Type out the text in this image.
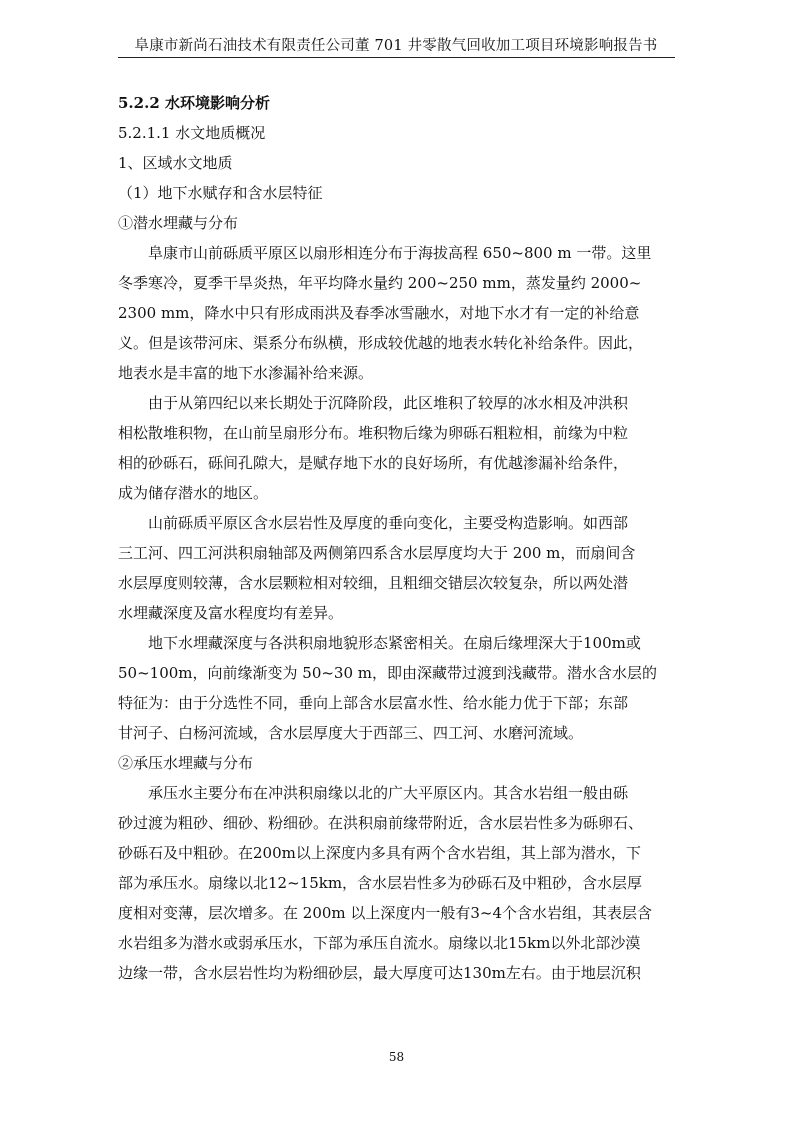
阜康市新尚石油技术有限责任公司董 701 井零散气回收加工项目环境影响报告书
5.2.2 水环境影响分析
5.2.1.1 水文地质概况
1、区域水文地质
（1）地下水赋存和含水层特征
①潜水埋藏与分布
阜康市山前砾质平原区以扇形相连分布于海拔高程 650~800 m 一带。这里
冬季寒冷，夏季干旱炎热，年平均降水量约 200~250 mm，蒸发量约 2000~
2300 mm，降水中只有形成雨洪及春季冰雪融水，对地下水才有一定的补给意
义。但是该带河床、渠系分布纵横，形成较优越的地表水转化补给条件。因此，
地表水是丰富的地下水渗漏补给来源。
由于从第四纪以来长期处于沉降阶段，此区堆积了较厚的冰水相及冲洪积
相松散堆积物，在山前呈扇形分布。堆积物后缘为卵砾石粗粒相，前缘为中粒
相的砂砾石，砾间孔隙大，是赋存地下水的良好场所，有优越渗漏补给条件，
成为储存潜水的地区。
山前砾质平原区含水层岩性及厚度的垂向变化，主要受构造影响。如西部
三工河、四工河洪积扇轴部及两侧第四系含水层厚度均大于 200 m，而扇间含
水层厚度则较薄，含水层颗粒相对较细，且粗细交错层次较复杂，所以两处潜
水埋藏深度及富水程度均有差异。
地下水埋藏深度与各洪积扇地貌形态紧密相关。在扇后缘埋深大于100m或
50~100m，向前缘渐变为 50~30 m，即由深藏带过渡到浅藏带。潜水含水层的
特征为：由于分选性不同，垂向上部含水层富水性、给水能力优于下部；东部
甘河子、白杨河流域，含水层厚度大于西部三、四工河、水磨河流域。
②承压水埋藏与分布
承压水主要分布在冲洪积扇缘以北的广大平原区内。其含水岩组一般由砾
砂过渡为粗砂、细砂、粉细砂。在洪积扇前缘带附近，含水层岩性多为砾卵石、
砂砾石及中粗砂。在200m以上深度内多具有两个含水岩组，其上部为潜水，下
部为承压水。扇缘以北12~15km，含水层岩性多为砂砾石及中粗砂，含水层厚
度相对变薄，层次增多。在 200m 以上深度内一般有3~4个含水岩组，其表层含
水岩组多为潜水或弱承压水，下部为承压自流水。扇缘以北15km以外北部沙漠
边缘一带，含水层岩性均为粉细砂层，最大厚度可达130m左右。由于地层沉积
58
